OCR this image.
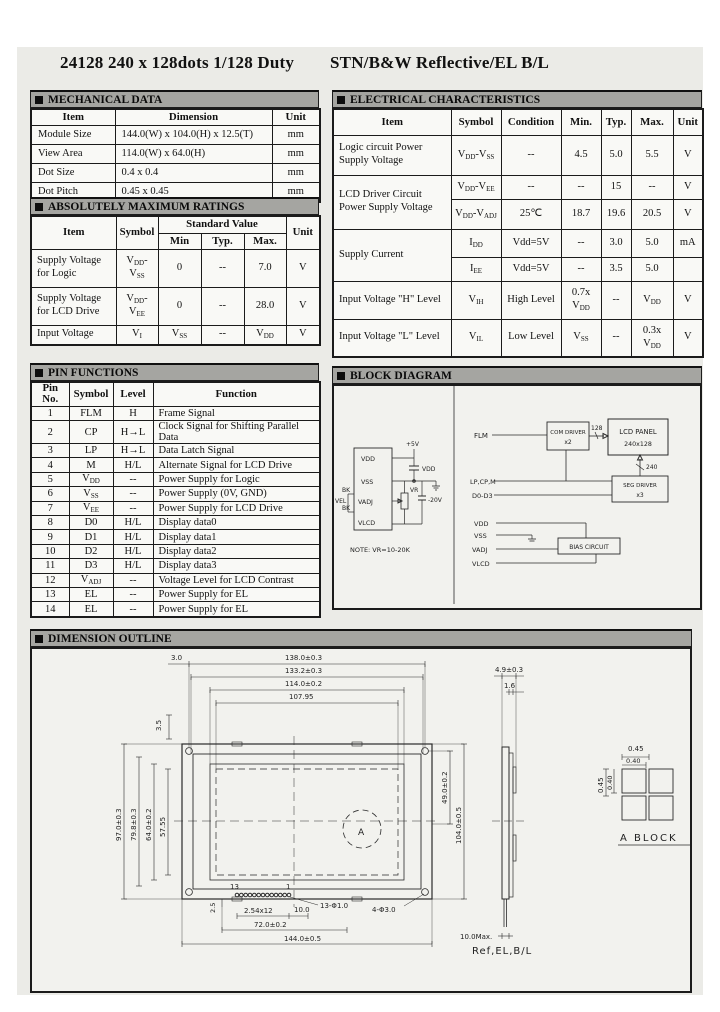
24128 240 x 128dots 1/128 Duty STN/B&W Reflective/EL B/L
MECHANICAL DATA
Item	Dimension	Unit
Module Size	144.0(W) x 104.0(H) x 12.5(T)	mm
View Area	114.0(W) x 64.0(H)	mm
Dot Size	0.4 x 0.4	mm
Dot Pitch	0.45 x 0.45	mm
ABSOLUTELY MAXIMUM RATINGS
Item	Symbol	Standard Value			Unit
		Min	Typ.	Max.	
Supply Voltage for Logic	$V_{DD}-V_{SS}$	0	--	7.0	V
Supply Voltage for LCD Drive	$V_{DD}-V_{EE}$	0	--	28.0	V
Input Voltage	$V_I$	$V_{SS}$	--	$V_{DD}$	V
PIN FUNCTIONS
Pin No.	Symbol	Level	Function
1	FLM	H	Frame Signal
2	CP	H→L	Clock Signal for Shifting Parallel Data
3	LP	H→L	Data Latch Signal
4	M	H/L	Alternate Signal for LCD Drive
5	$V_{DD}$	--	Power Supply for Logic
6	$V_{SS}$	--	Power Supply (0V, GND)
7	$V_{EE}$	--	Power Supply for LCD Drive
8	D0	H/L	Display data0
9	D1	H/L	Display data1
10	D2	H/L	Display data2
11	D3	H/L	Display data3
12	$V_{ADJ}$	--	Voltage Level for LCD Contrast
13	EL	--	Power Supply for EL
14	EL	--	Power Supply for EL
ELECTRICAL CHARACTERISTICS
Item	Symbol	Condition	Min.	Typ.	Max.	Unit
Logic circuit Power Supply Voltage	$V_{DD}-V_{SS}$	--	4.5	5.0	5.5	V
LCD Driver Circuit Power Supply Voltage	$V_{DD}-V_{EE}$	--	--	15	--	V
	$V_{DD}-V_{ADJ}$	25℃	18.7	19.6	20.5	V
Supply Current	$I_{DD}$	Vdd=5V	--	3.0	5.0	mA
	$I_{EE}$	Vdd=5V	--	3.5	5.0	
Input Voltage "H" Level	$V_{IH}$	High Level	0.7x $V_{DD}$	--	$V_{DD}$	V
Input Voltage "L" Level	$V_{IL}$	Low Level	$V_{SS}$	--	0.3x $V_{DD}$	V
BLOCK DIAGRAM
VDD
VSS
VADJ
VLCD
BK
BK
VEL
+5V
VDD
VR
-20V
NOTE: VR=10-20K
FLM	COM DRIVER
x2
128 LCD PANEL
240x128
SEG DRIVER
x3
240
LP,CP,M
D0-D3
VDD
VSS
BIAS CIRCUIT
VADJ
VLCD
DIMENSION OUTLINE
A
13	1
3.0	138.0±0.3
133.2±0.3
114.0±0.2
107.95
3.5
97.0±0.3 79.8±0.3 64.0±0.2 57.55
2.5	2.54x12	10.0 13-Φ1.0	4-Φ3.0
72.0±0.2
144.0±0.5
49.0±0.2
104.0±0.5
4.9±0.3
1.6
10.0Max.
0.45
0.40
0.45 0.40
A BLOCK
Ref,EL,B/L
